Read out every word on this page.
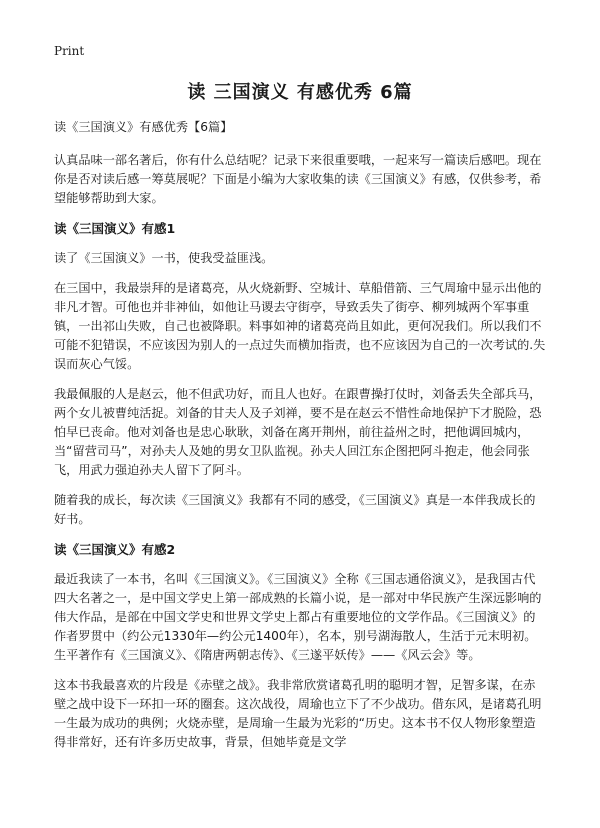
Print
读 三国演义 有感优秀 6篇

读《三国演义》有感优秀【6篇】

认真品味一部名著后，你有什么总结呢？记录下来很重要哦，一起来写一篇读后感吧。现在你是否对读后感一筹莫展呢？下面是小编为大家收集的读《三国演义》有感，仅供参考，希望能够帮助到大家。

读《三国演义》有感1

读了《三国演义》一书，使我受益匪浅。

在三国中，我最崇拜的是诸葛亮，从火烧新野、空城计、草船借箭、三气周瑜中显示出他的非凡才智。可他也并非神仙，如他让马谡去守街亭，导致丢失了街亭、柳列城两个军事重镇，一出祁山失败，自己也被降职。料事如神的诸葛亮尚且如此，更何况我们。所以我们不可能不犯错误，不应该因为别人的一点过失而横加指责，也不应该因为自己的一次考试的.失误而灰心气馁。

我最佩服的人是赵云，他不但武功好，而且人也好。在跟曹操打仗时，刘备丢失全部兵马，两个女儿被曹纯活捉。刘备的甘夫人及子刘禅，要不是在赵云不惜性命地保护下才脱险，恐怕早已丧命。他对刘备也是忠心耿耿，刘备在离开荆州，前往益州之时，把他调回城内，当“留营司马”，对孙夫人及她的男女卫队监视。孙夫人回江东企图把阿斗抱走，他会同张飞，用武力强迫孙夫人留下了阿斗。

随着我的成长，每次读《三国演义》我都有不同的感受，《三国演义》真是一本伴我成长的好书。

读《三国演义》有感2

最近我读了一本书，名叫《三国演义》。《三国演义》全称《三国志通俗演义》，是我国古代四大名著之一，是中国文学史上第一部成熟的长篇小说，是一部对中华民族产生深远影响的伟大作品，是部在中国文学史和世界文学史上都占有重要地位的文学作品。《三国演义》的作者罗贯中（约公元1330年—约公元1400年），名本，别号湖海散人，生活于元末明初。生平著作有《三国演义》、《隋唐两朝志传》、《三遂平妖传》——《风云会》等。

这本书我最喜欢的片段是《赤壁之战》。我非常欣赏诸葛孔明的聪明才智，足智多谋，在赤壁之战中设下一环扣一环的圈套。这次战役，周瑜也立下了不少战功。借东风，是诸葛孔明一生最为成功的典例；火烧赤壁，是周瑜一生最为光彩的“历史。这本书不仅人物形象塑造得非常好，还有许多历史故事，背景，但她毕竟是文学
